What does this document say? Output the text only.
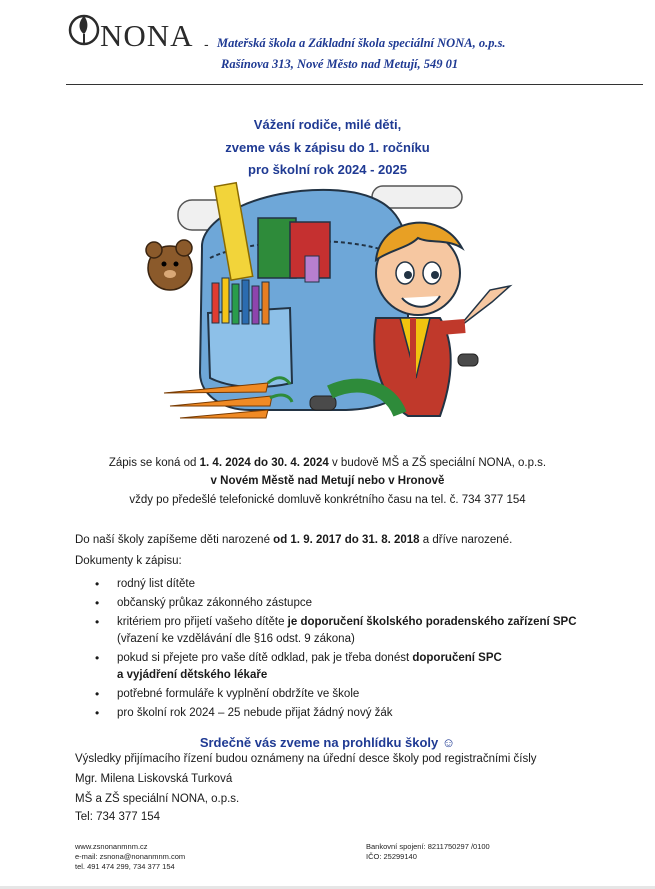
NONA - Mateřská škola a Základní škola speciální NONA, o.p.s.
Rašínova 313, Nové Město nad Metují, 549 01
Vážení rodiče, milé děti,
zveme vás k zápisu do 1. ročníku
pro školní rok 2024 - 2025
Zápis se koná od 1. 4. 2024 do 30. 4. 2024 v budově MŠ a ZŠ speciální NONA, o.p.s.
v Novém Městě nad Metují nebo v Hronově
vždy po předešlé telefonické domluvě konkrétního času na tel. č. 734 377 154
Do naší školy zapíšeme děti narozené od 1. 9. 2017 do 31. 8. 2018 a dříve narozené.
Dokumenty k zápisu:
• rodný list dítěte
• občanský průkaz zákonného zástupce
• kritériem pro přijetí vašeho dítěte je doporučení školského poradenského zařízení SPC (vřazení ke vzdělávání dle §16 odst. 9 zákona)
• pokud si přejete pro vaše dítě odklad, pak je třeba donést doporučení SPC
a vyjádření dětského lékaře
• potřebné formuláře k vyplnění obdržíte ve škole
• pro školní rok 2024 – 25 nebude přijat žádný nový žák
Srdečně vás zveme na prohlídku školy ☺
Výsledky přijímacího řízení budou oznámeny na úřední desce školy pod registračními čísly
Mgr. Milena Liskovská Turková
MŠ a ZŠ speciální NONA, o.p.s.
Tel: 734 377 154
www.zsnonanmnm.cz
e-mail: zsnona@nonanmnm.com
tel. 491 474 299, 734 377 154
Bankovní spojení: 8211750297 /0100
IČO: 25299140
